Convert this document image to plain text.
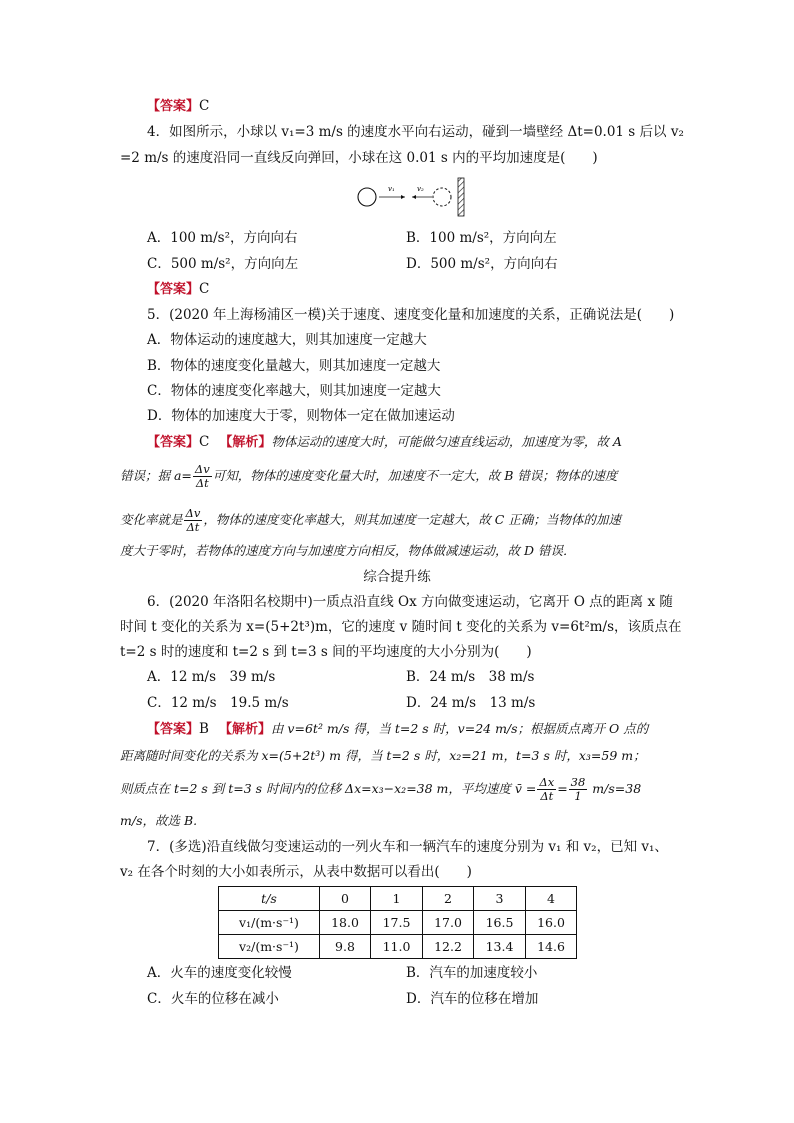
【答案】C
4．如图所示，小球以 v₁=3 m/s 的速度水平向右运动，碰到一墙壁经 Δt=0.01 s 后以 v₂
=2 m/s 的速度沿同一直线反向弹回，小球在这 0.01 s 内的平均加速度是(　　)
v₁	v₂
A．100 m/s²，方向向右	B．100 m/s²，方向向左
C．500 m/s²，方向向左	D．500 m/s²，方向向右
【答案】C
5．(2020 年上海杨浦区一模)关于速度、速度变化量和加速度的关系，正确说法是(　　)
A．物体运动的速度越大，则其加速度一定越大
B．物体的速度变化量越大，则其加速度一定越大
C．物体的速度变化率越大，则其加速度一定越大
D．物体的加速度大于零，则物体一定在做加速运动
【答案】C 【解析】物体运动的速度大时，可能做匀速直线运动，加速度为零，故 A
错误；据 $a= \frac{\Delta v}{\Delta t}$ 可知，物体的速度变化量大时，加速度不一定大，故 B 错误；物体的速度
变化率就是 $\frac{\Delta v}{\Delta t}$ ，物体的速度变化率越大，则其加速度一定越大，故 C 正确；当物体的加速
度大于零时，若物体的速度方向与加速度方向相反，物体做减速运动，故 D 错误．
综合提升练
6．(2020 年洛阳名校期中)一质点沿直线 Ox 方向做变速运动，它离开 O 点的距离 x 随
时间 t 变化的关系为 x=(5+2t³)m，它的速度 v 随时间 t 变化的关系为 v=6t²m/s，该质点在
t=2 s 时的速度和 t=2 s 到 t=3 s 间的平均速度的大小分别为(　　)
A．12 m/s　39 m/s	B．24 m/s　38 m/s
C．12 m/s　19.5 m/s	D．24 m/s　13 m/s
【答案】B 【解析】由 v=6t² m/s 得，当 t=2 s 时，v=24 m/s；根据质点离开 O 点的
距离随时间变化的关系为 x=(5+2t³) m 得，当 t=2 s 时，x₂=21 m，t=3 s 时，x₃=59 m；
则质点在 t=2 s 到 t=3 s 时间内的位移 Δx=x₃−x₂=38 m，平均速度 v̄ = $\frac{\Delta x}{\Delta t} = \frac{38}{1} m/s=38$
m/s，故选 B.
7．(多选)沿直线做匀变速运动的一列火车和一辆汽车的速度分别为 v₁ 和 v₂，已知 v₁、
v₂ 在各个时刻的大小如表所示，从表中数据可以看出(　　)
t/s	0	1	2	3	4
v₁/(m·s⁻¹)	18.0	17.5	17.0	16.5	16.0
v₂/(m·s⁻¹)	9.8	11.0	12.2	13.4	14.6
A．火车的速度变化较慢	B．汽车的加速度较小
C．火车的位移在减小	D．汽车的位移在增加
